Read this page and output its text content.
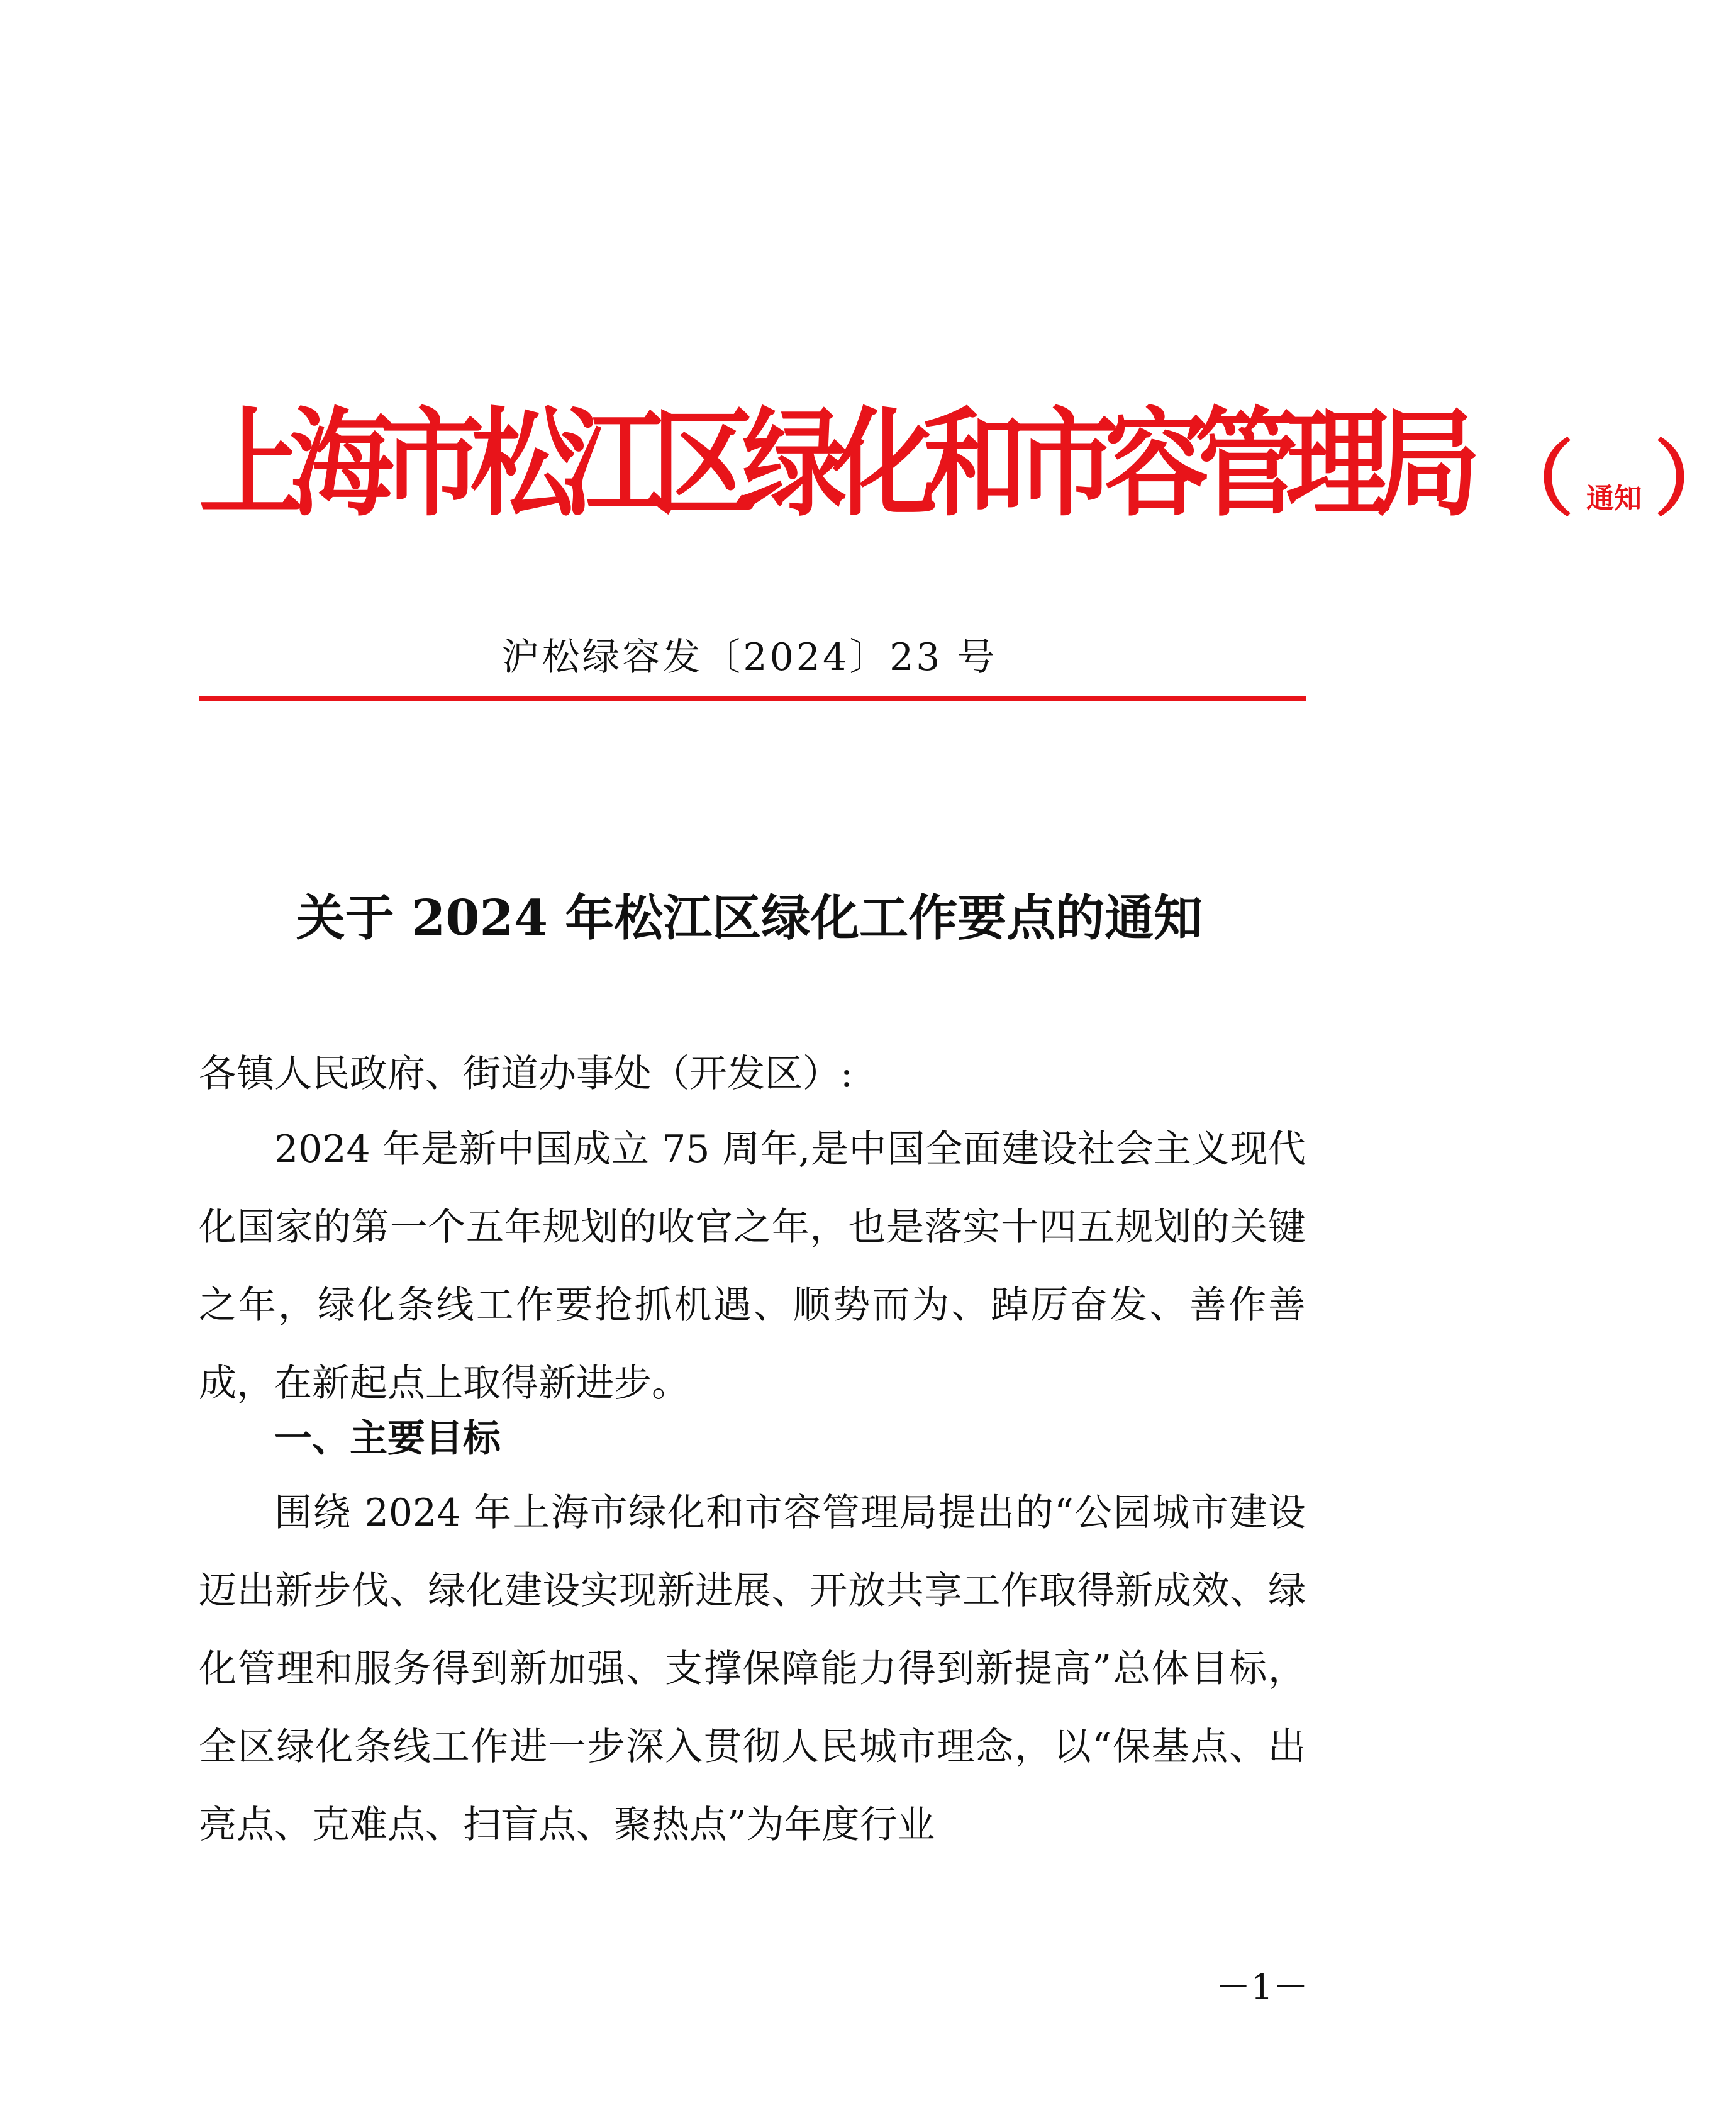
上海市松江区绿化和市容管理局 （ 通知 ）
沪松绿容发〔2024〕23 号
关于 2024 年松江区绿化工作要点的通知
各镇人民政府、街道办事处（开发区）:
2024 年是新中国成立 75 周年,是中国全面建设社会主义现代化国家的第一个五年规划的收官之年，也是落实十四五规划的关键之年，绿化条线工作要抢抓机遇、顺势而为、踔厉奋发、善作善成，在新起点上取得新进步。
一、主要目标
围绕 2024 年上海市绿化和市容管理局提出的“公园城市建设迈出新步伐、绿化建设实现新进展、开放共享工作取得新成效、绿化管理和服务得到新加强、支撑保障能力得到新提高”总体目标，全区绿化条线工作进一步深入贯彻人民城市理念，以“保基点、出亮点、克难点、扫盲点、聚热点”为年度行业
－1－
